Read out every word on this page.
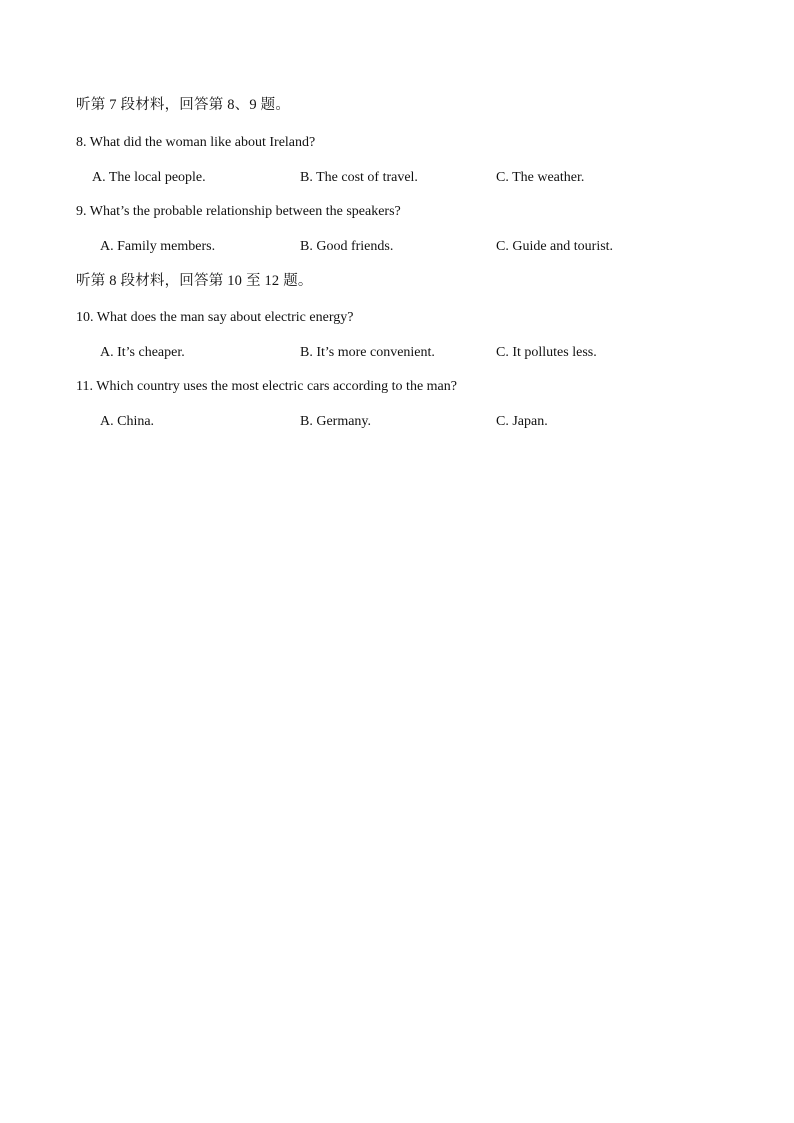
听第 7 段材料，回答第 8、9 题。
8. What did the woman like about Ireland?
A. The local people.	B. The cost of travel.	C. The weather.
9. What’s the probable relationship between the speakers?
A. Family members.	B. Good friends.	C. Guide and tourist.
听第 8 段材料，回答第 10 至 12 题。
10. What does the man say about electric energy?
A. It’s cheaper.	B. It’s more convenient.	C. It pollutes less.
11. Which country uses the most electric cars according to the man?
A. China.	B. Germany.	C. Japan.
